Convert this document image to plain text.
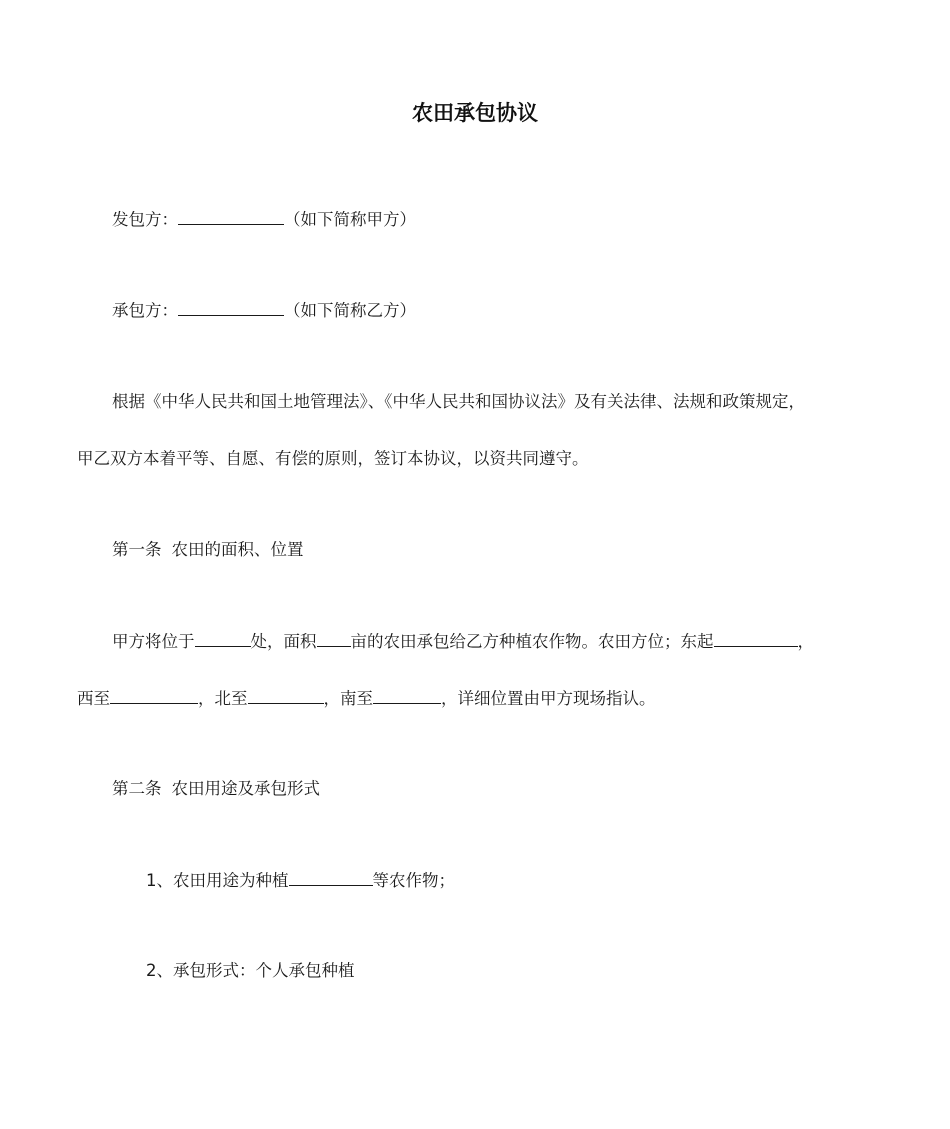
农田承包协议
发包方：	（如下简称甲方）
承包方：	（如下简称乙方）
根据《中华人民共和国土地管理法》、《中华人民共和国协议法》及有关法律、法规和政策规定，
甲乙双方本着平等、自愿、有偿的原则，签订本协议，以资共同遵守。
第一条 农田的面积、位置
甲方将位于	处，面积 亩的农田承包给乙方种植农作物。农田方位；东起	，
西至	，北至	，南至	，详细位置由甲方现场指认。
第二条 农田用途及承包形式
1、农田用途为种植	等农作物；
2、承包形式：个人承包种植
